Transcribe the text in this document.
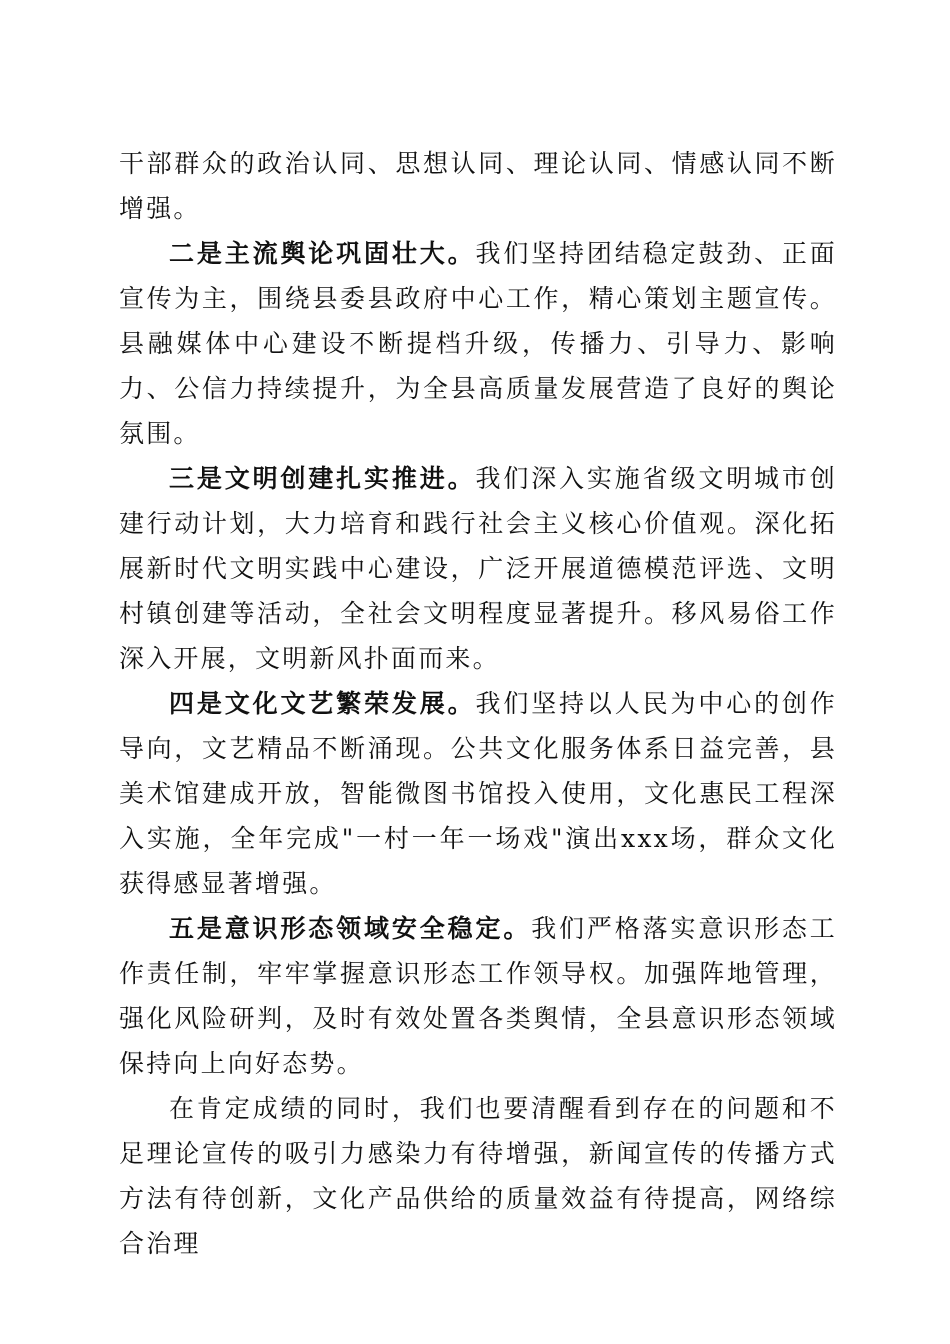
干部群众的政治认同、思想认同、理论认同、情感认同不断增强。

二是主流舆论巩固壮大。我们坚持团结稳定鼓劲、正面宣传为主，围绕县委县政府中心工作，精心策划主题宣传。县融媒体中心建设不断提档升级，传播力、引导力、影响力、公信力持续提升，为全县高质量发展营造了良好的舆论氛围。

三是文明创建扎实推进。我们深入实施省级文明城市创建行动计划，大力培育和践行社会主义核心价值观。深化拓展新时代文明实践中心建设，广泛开展道德模范评选、文明村镇创建等活动，全社会文明程度显著提升。移风易俗工作深入开展，文明新风扑面而来。

四是文化文艺繁荣发展。我们坚持以人民为中心的创作导向，文艺精品不断涌现。公共文化服务体系日益完善，县美术馆建成开放，智能微图书馆投入使用，文化惠民工程深入实施，全年完成"一村一年一场戏"演出xxx场，群众文化获得感显著增强。

五是意识形态领域安全稳定。我们严格落实意识形态工作责任制，牢牢掌握意识形态工作领导权。加强阵地管理，强化风险研判，及时有效处置各类舆情，全县意识形态领域保持向上向好态势。

在肯定成绩的同时，我们也要清醒看到存在的问题和不足理论宣传的吸引力感染力有待增强，新闻宣传的传播方式方法有待创新，文化产品供给的质量效益有待提高，网络综合治理
